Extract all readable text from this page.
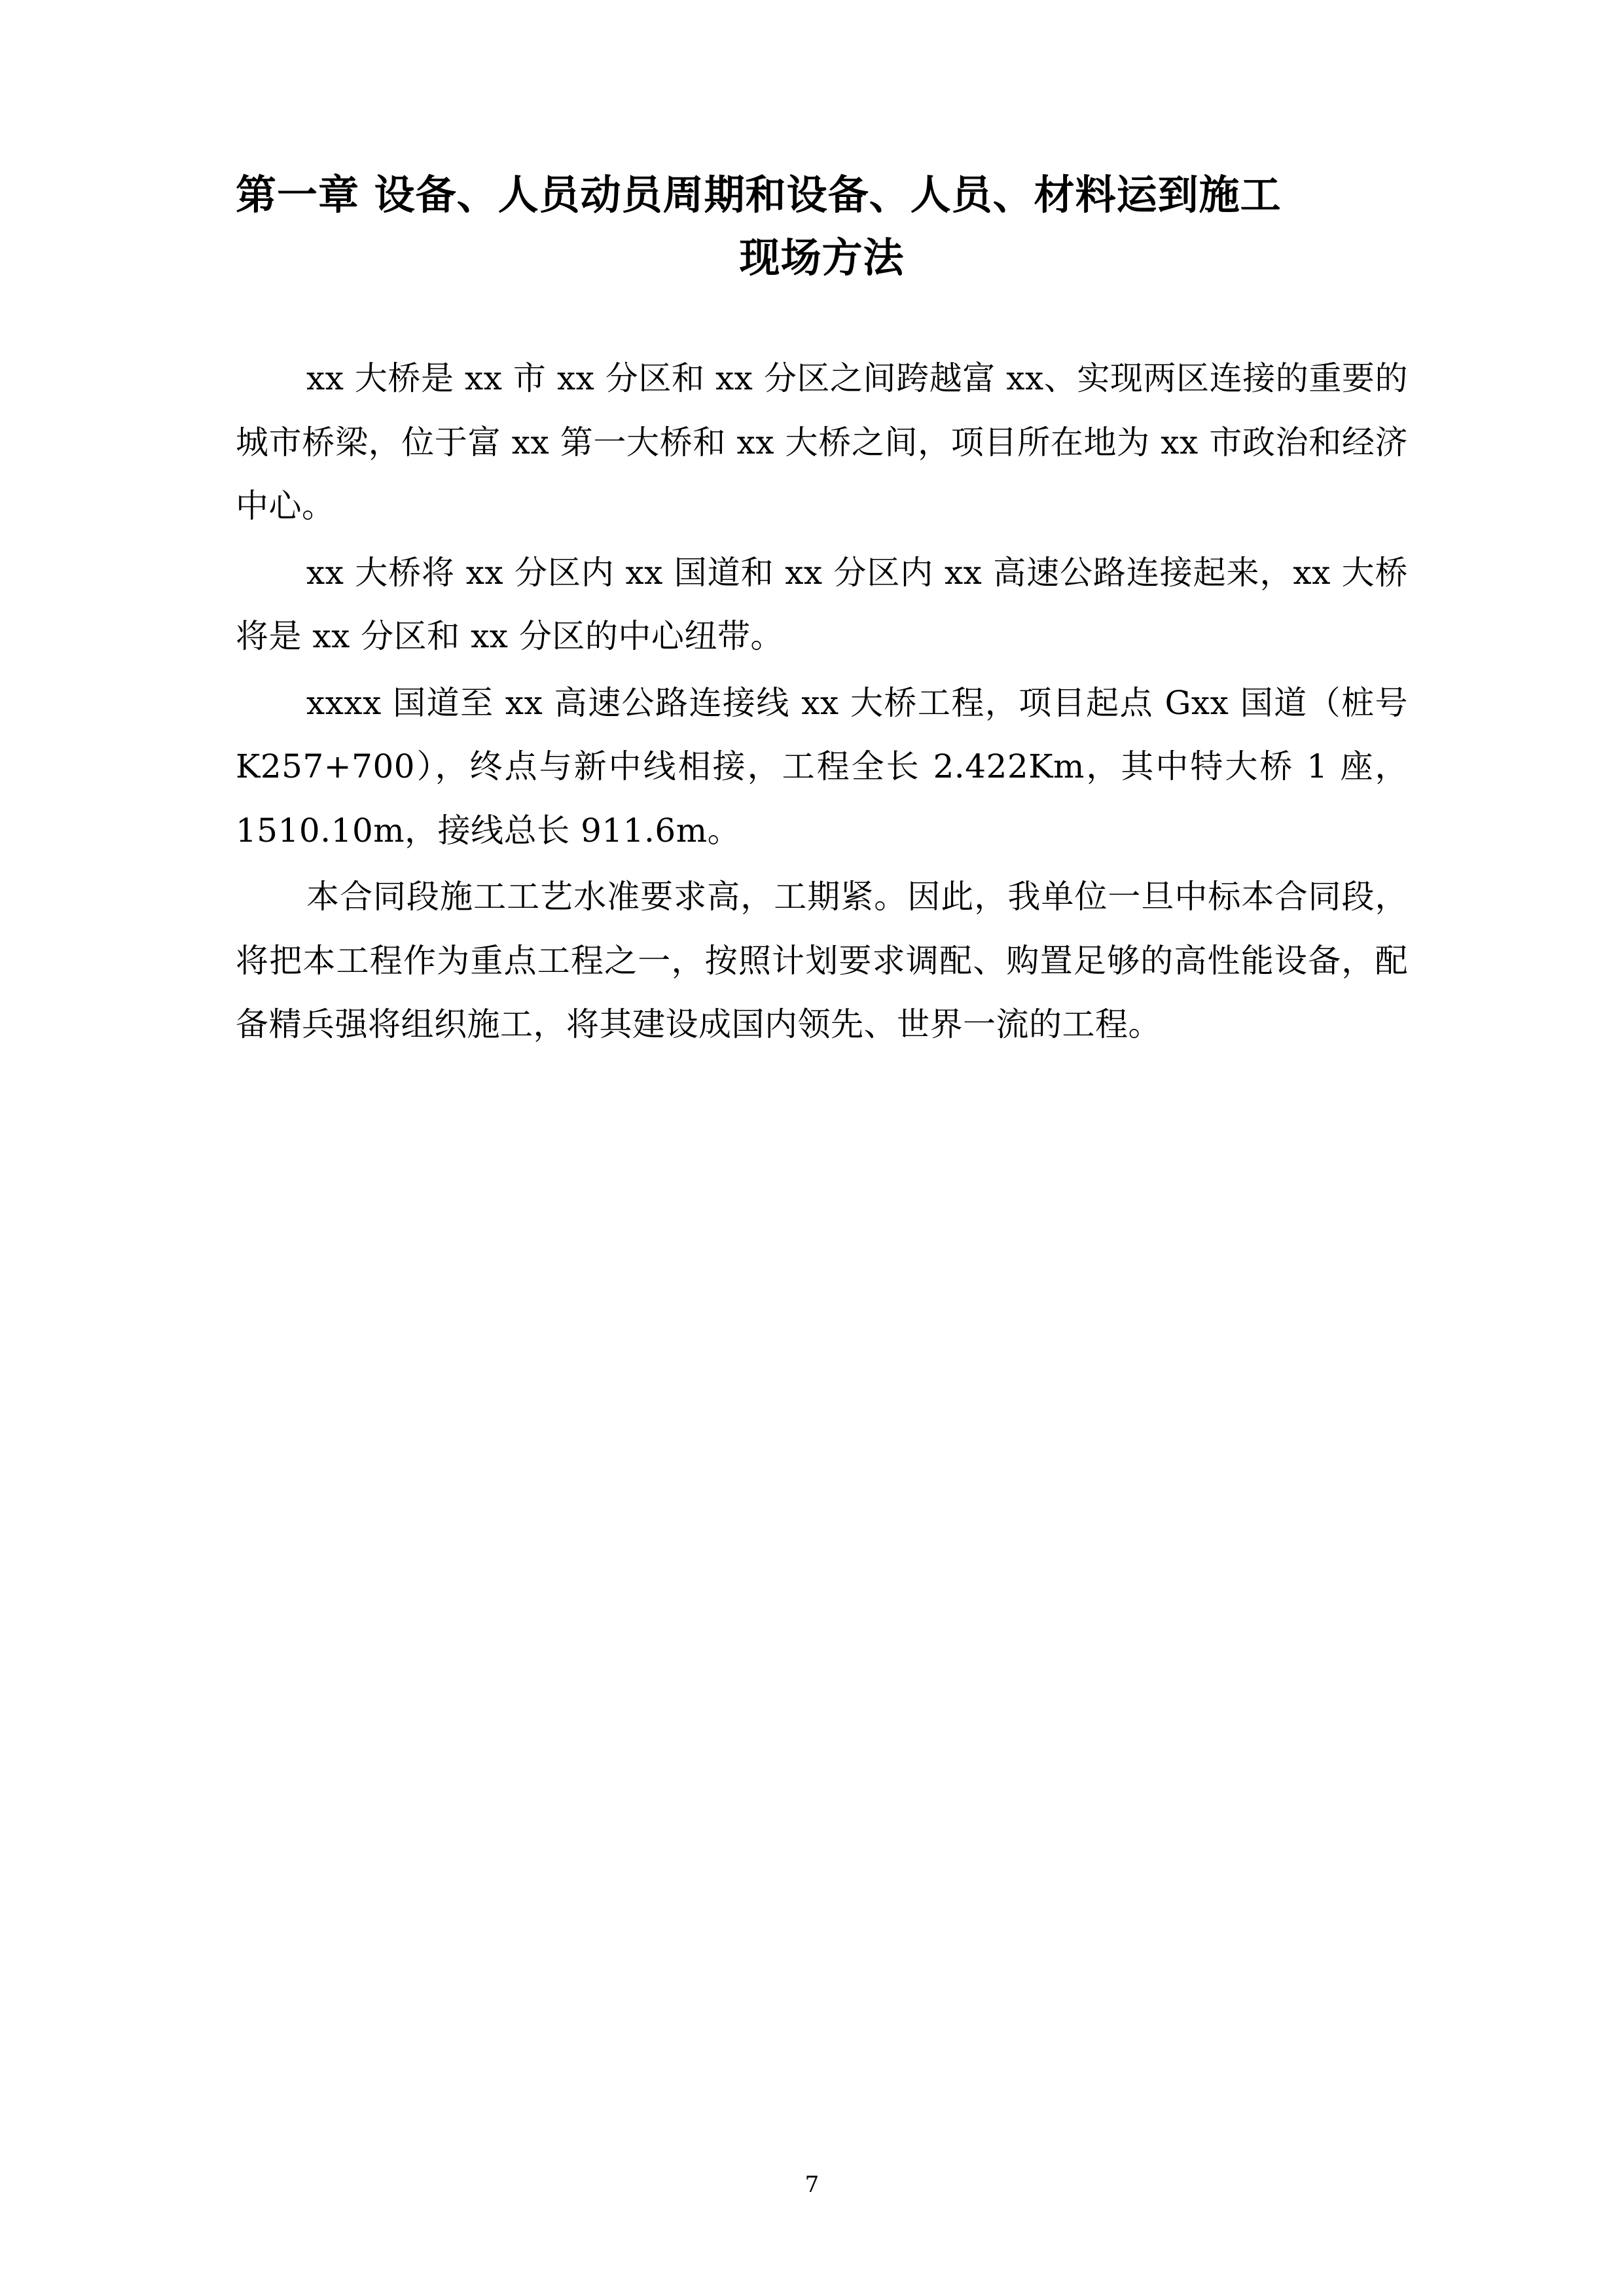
第一章 设备、人员动员周期和设备、人员、材料运到施工
现场方法

xx 大桥是 xx 市 xx 分区和 xx 分区之间跨越富 xx、实现两区连接的重要的城市桥梁，位于富 xx 第一大桥和 xx 大桥之间，项目所在地为 xx 市政治和经济中心。

xx 大桥将 xx 分区内 xx 国道和 xx 分区内 xx 高速公路连接起来，xx 大桥将是 xx 分区和 xx 分区的中心纽带。

xxxx 国道至 xx 高速公路连接线 xx 大桥工程，项目起点 Gxx 国道（桩号 K257+700），终点与新中线相接，工程全长 2.422Km，其中特大桥 1 座，1510.10m，接线总长 911.6m。

本合同段施工工艺水准要求高，工期紧。因此，我单位一旦中标本合同段，将把本工程作为重点工程之一，按照计划要求调配、购置足够的高性能设备，配备精兵强将组织施工，将其建设成国内领先、世界一流的工程。

7
